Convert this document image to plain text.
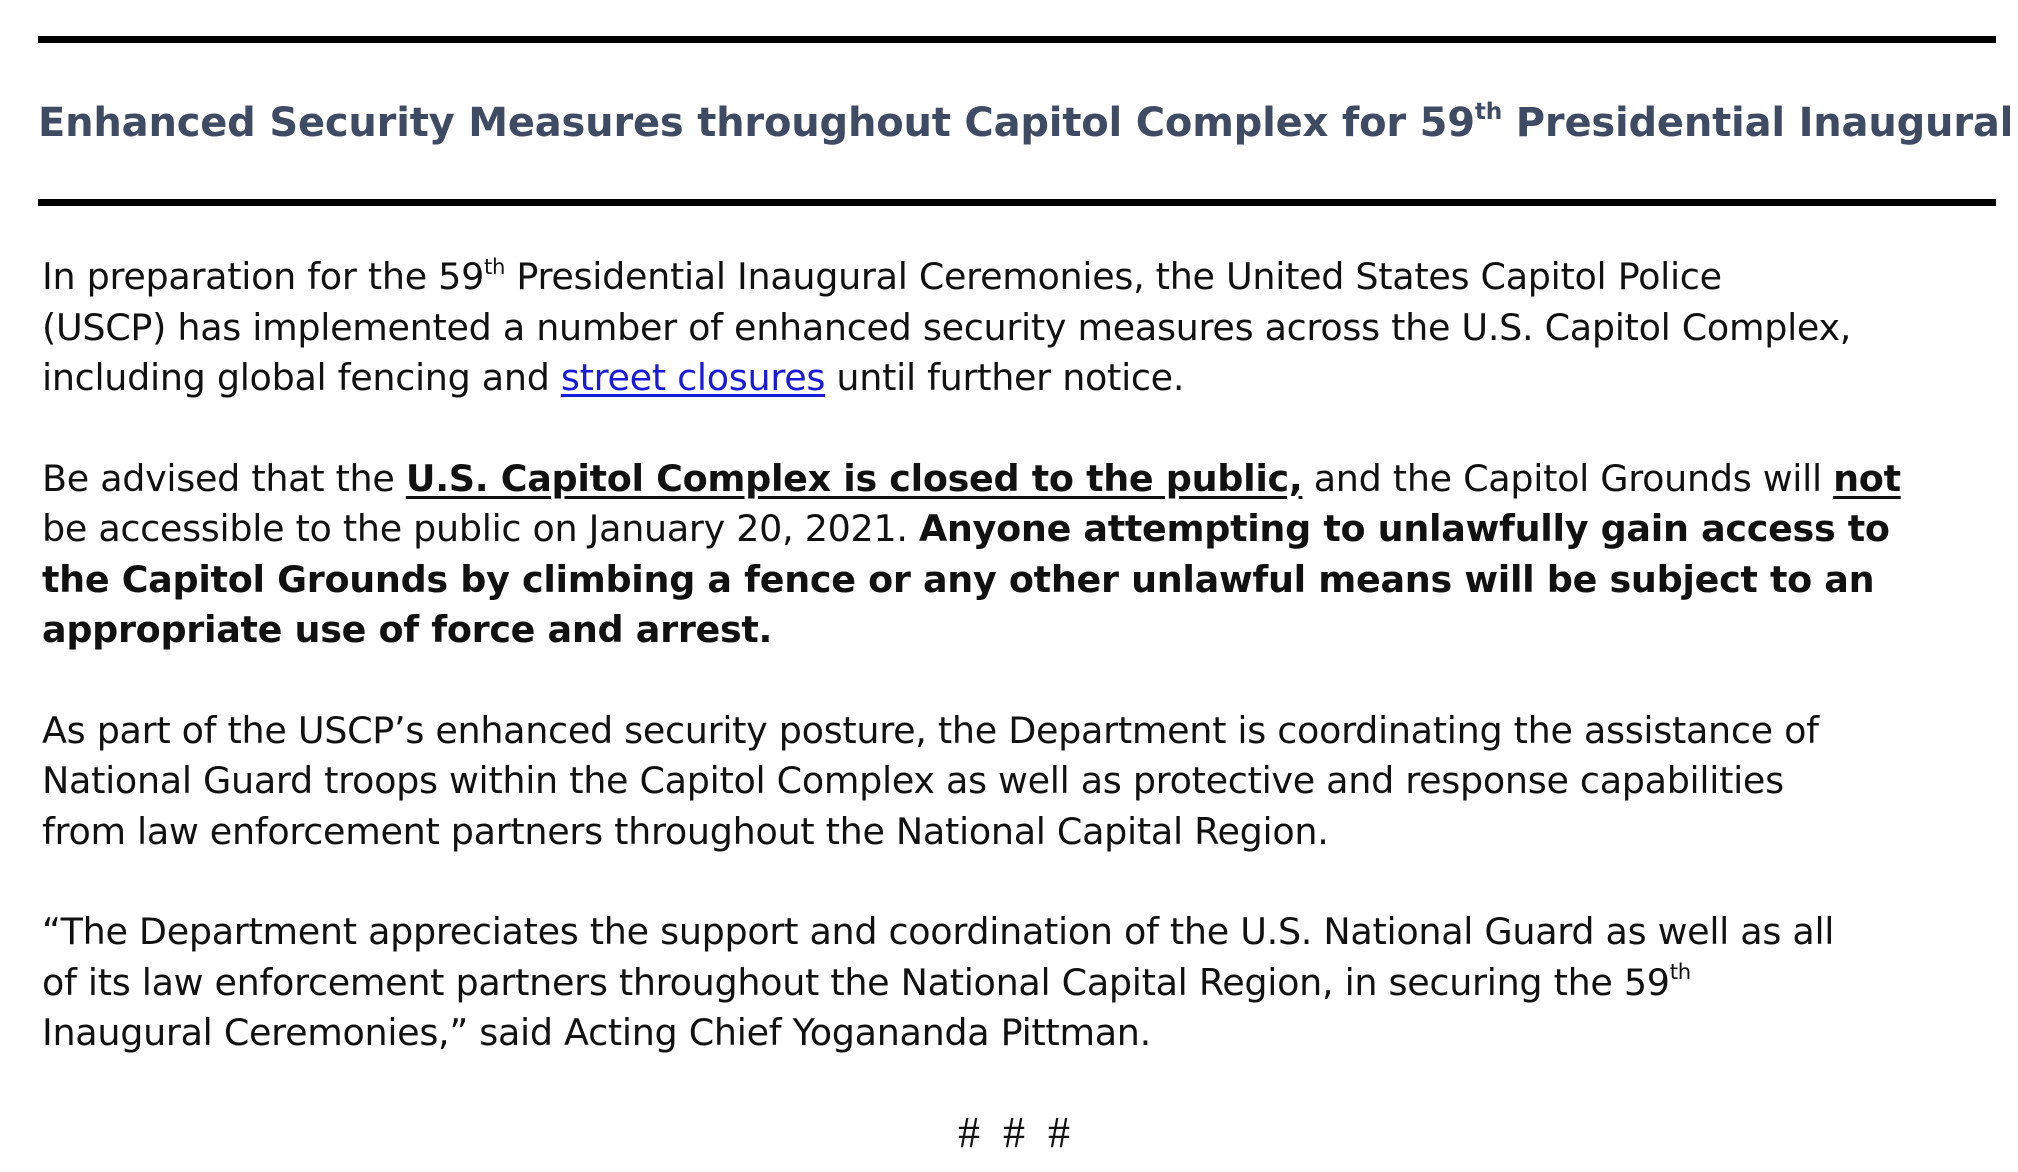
Enhanced Security Measures throughout Capitol Complex for 59th Presidential Inaugural
In preparation for the 59th Presidential Inaugural Ceremonies, the United States Capitol Police
(USCP) has implemented a number of enhanced security measures across the U.S. Capitol Complex,
including global fencing and street closures until further notice.
Be advised that the U.S. Capitol Complex is closed to the public, and the Capitol Grounds will not
be accessible to the public on January 20, 2021. Anyone attempting to unlawfully gain access to
the Capitol Grounds by climbing a fence or any other unlawful means will be subject to an
appropriate use of force and arrest.
As part of the USCP’s enhanced security posture, the Department is coordinating the assistance of
National Guard troops within the Capitol Complex as well as protective and response capabilities
from law enforcement partners throughout the National Capital Region.
“The Department appreciates the support and coordination of the U.S. National Guard as well as all
of its law enforcement partners throughout the National Capital Region, in securing the 59th
Inaugural Ceremonies,” said Acting Chief Yogananda Pittman.
# # #
